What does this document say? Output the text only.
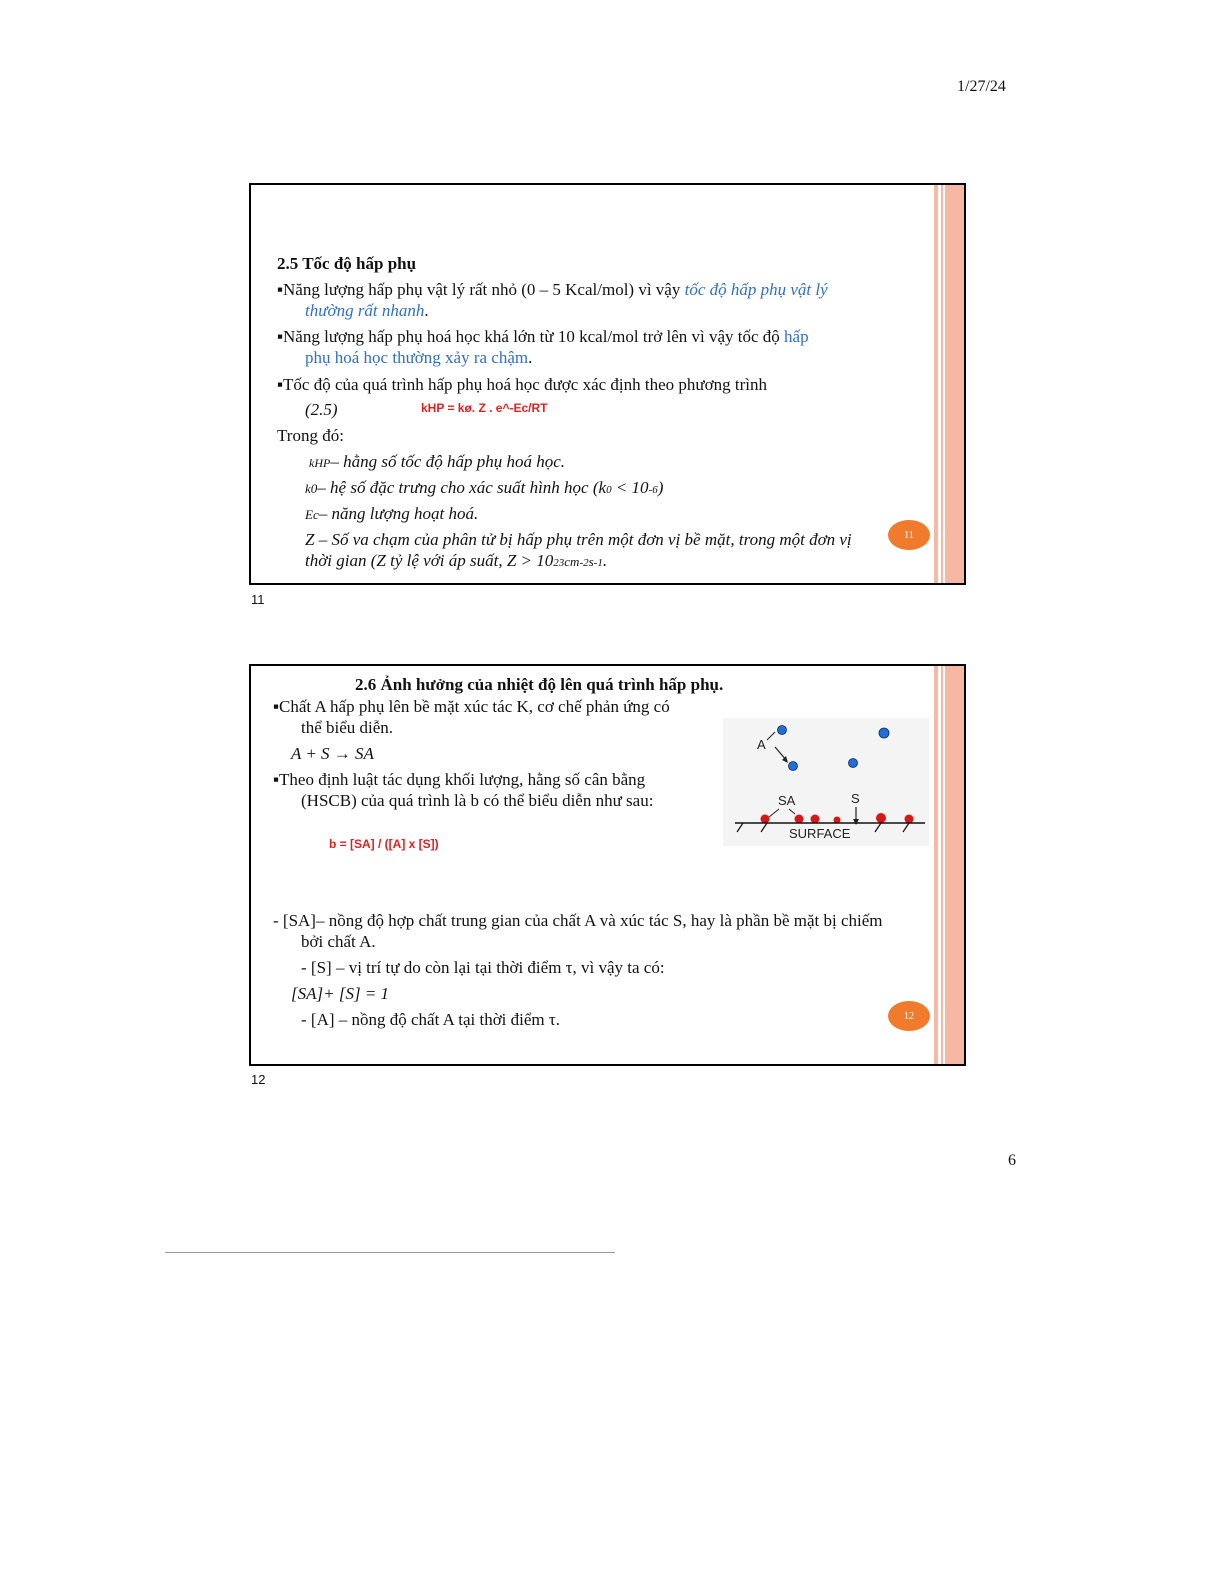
1/27/24
2.5 Tốc độ hấp phụ
▪Năng lượng hấp phụ vật lý rất nhỏ (0 – 5 Kcal/mol) vì vậy tốc độ hấp phụ vật lý
thường rất nhanh.
▪Năng lượng hấp phụ hoá học khá lớn từ 10 kcal/mol trở lên vì vậy tốc độ hấp
phụ hoá học thường xảy ra chậm.
▪Tốc độ của quá trình hấp phụ hoá học được xác định theo phương trình
(2.5)	kHP = kø. Z . e^-Ec/RT
Trong đó:
kHP– hằng số tốc độ hấp phụ hoá học.
k0– hệ số đặc trưng cho xác suất hình học (k0 < 10-6)
Ec– năng lượng hoạt hoá.
Z – Số va chạm của phân tử bị hấp phụ trên một đơn vị bề mặt, trong một đơn vị
thời gian (Z tỷ lệ với áp suất, Z > 1023cm-2s-1.
11
11
2.6 Ảnh hưởng của nhiệt độ lên quá trình hấp phụ.
▪Chất A hấp phụ lên bề mặt xúc tác K, cơ chế phản ứng có
thể biểu diễn.
A + S → SA
▪Theo định luật tác dụng khối lượng, hằng số cân bằng
(HSCB) của quá trình là b có thể biểu diễn như sau:
b = [SA] / ([A] x [S])
- [SA]– nồng độ hợp chất trung gian của chất A và xúc tác S, hay là phần bề mặt bị chiếm
bởi chất A.
- [S] – vị trí tự do còn lại tại thời điểm τ, vì vậy ta có:
[SA]+ [S] = 1
- [A] – nồng độ chất A tại thời điểm τ.
A
SA	S
SURFACE
12
12
6
